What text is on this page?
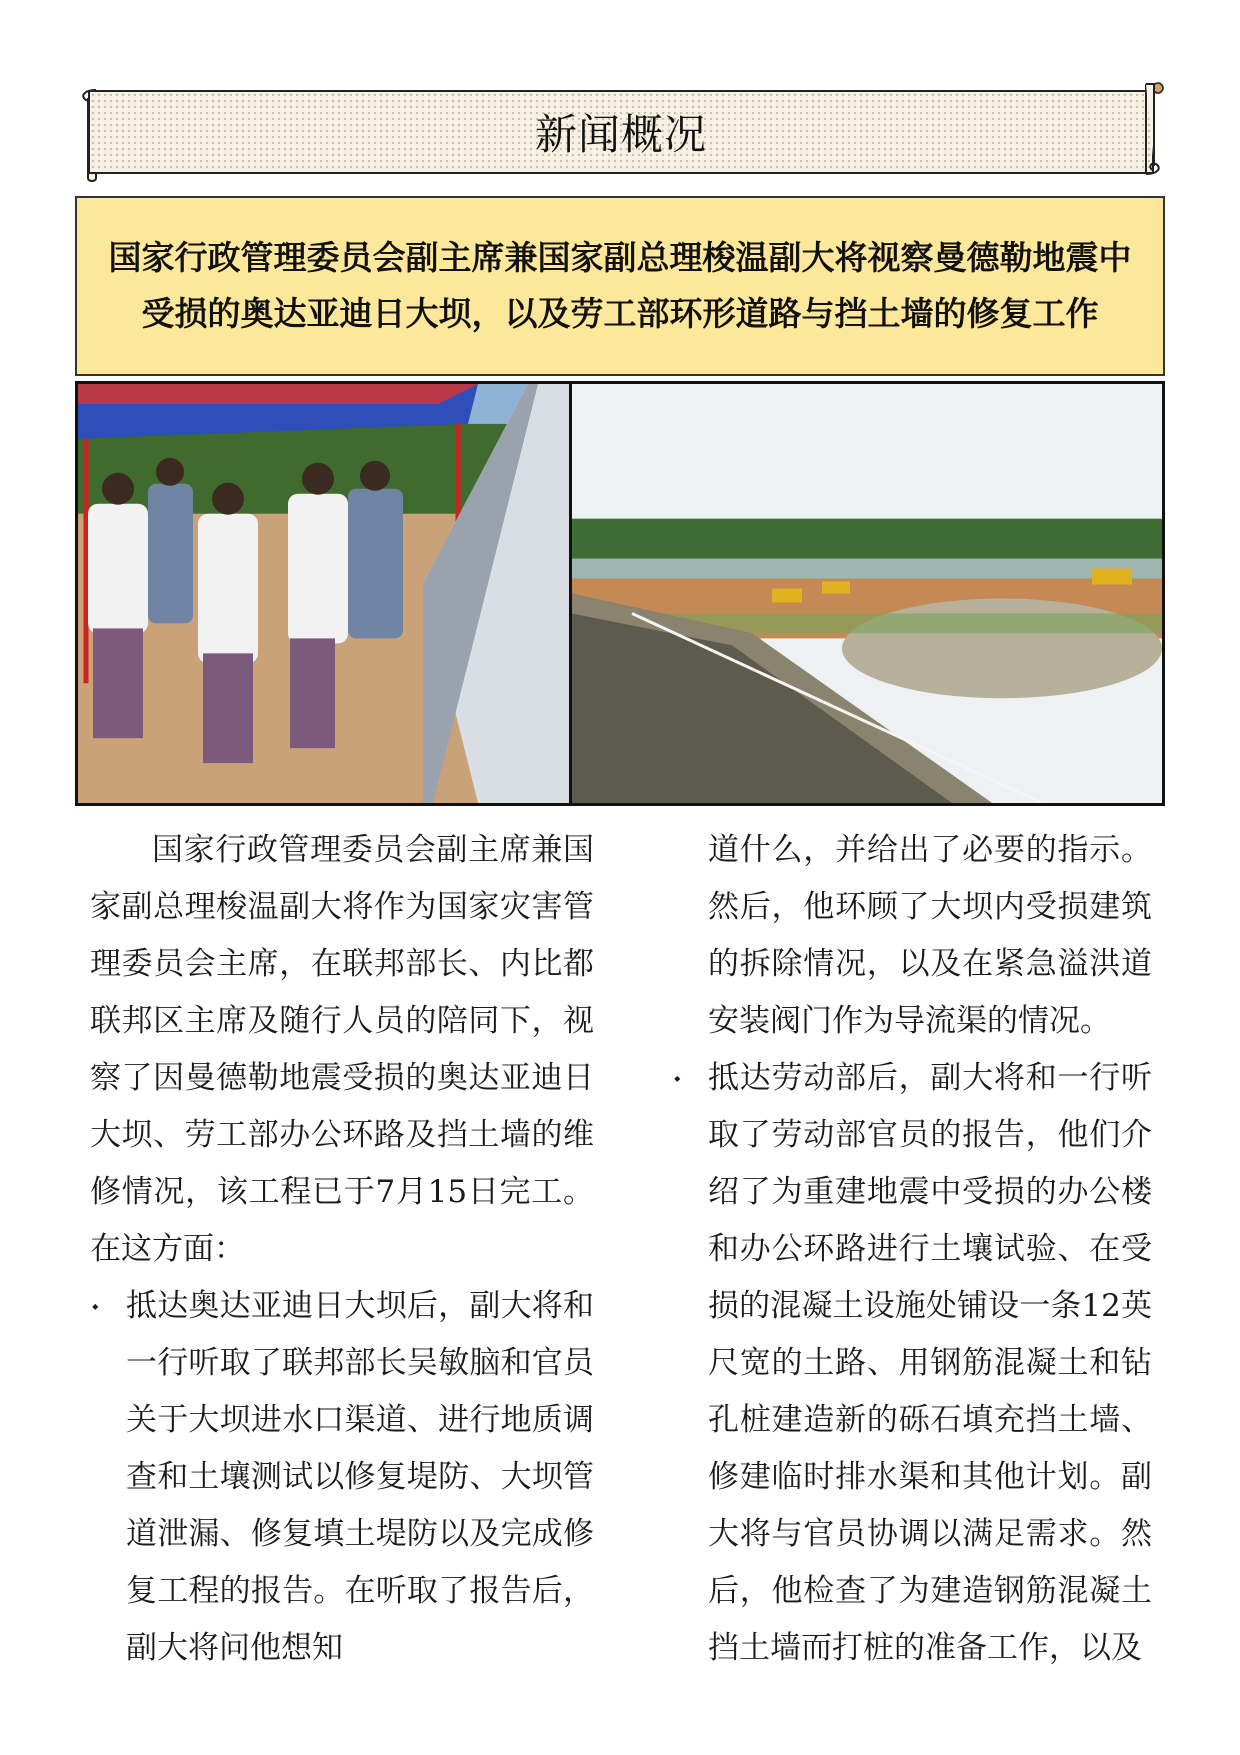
新闻概况
国家行政管理委员会副主席兼国家副总理梭温副大将视察曼德勒地震中受损的奥达亚迪日大坝，以及劳工部环形道路与挡土墙的修复工作

国家行政管理委员会副主席兼国家副总理梭温副大将作为国家灾害管理委员会主席，在联邦部长、内比都联邦区主席及随行人员的陪同下，视察了因曼德勒地震受损的奥达亚迪日大坝、劳工部办公环路及挡土墙的维修情况，该工程已于7月15日完工。在这方面：

⬩ 抵达奥达亚迪日大坝后，副大将和一行听取了联邦部长吴敏脑和官员关于大坝进水口渠道、进行地质调查和土壤测试以修复堤防、大坝管道泄漏、修复填土堤防以及完成修复工程的报告。在听取了报告后，副大将问他想知

道什么，并给出了必要的指示。然后，他环顾了大坝内受损建筑的拆除情况，以及在紧急溢洪道安装阀门作为导流渠的情况。

⬩ 抵达劳动部后，副大将和一行听取了劳动部官员的报告，他们介绍了为重建地震中受损的办公楼和办公环路进行土壤试验、在受损的混凝土设施处铺设一条12英尺宽的土路、用钢筋混凝土和钻孔桩建造新的砾石填充挡土墙、修建临时排水渠和其他计划。副大将与官员协调以满足需求。然后，他检查了为建造钢筋混凝土挡土墙而打桩的准备工作，以及
